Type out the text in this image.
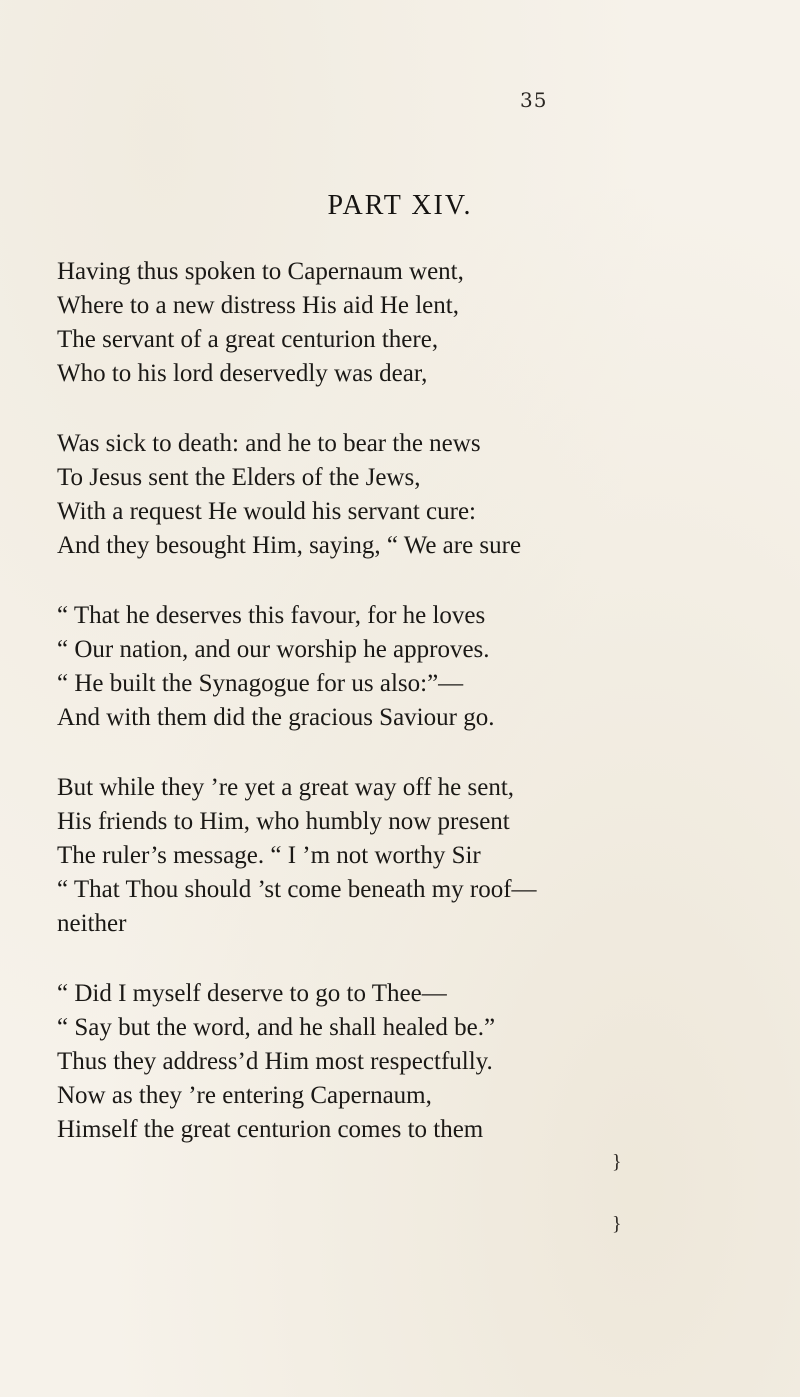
35
PART XIV.
Having thus spoken to Capernaum went,
Where to a new distress His aid He lent,
The servant of a great centurion there,
Who to his lord deservedly was dear,
Was sick to death: and he to bear the news
To Jesus sent the Elders of the Jews,
With a request He would his servant cure:
And they besought Him, saying, “ We are sure
“ That he deserves this favour, for he loves
“ Our nation, and our worship he approves.
“ He built the Synagogue for us also:”—
And with them did the gracious Saviour go.
But while they ’re yet a great way off he sent,
His friends to Him, who humbly now present
The ruler’s message. “ I ’m not worthy Sir
“ That Thou should ’st come beneath my roof—
neither
“ Did I myself deserve to go to Thee—
“ Say but the word, and he shall healed be.”
Thus they address’d Him most respectfully.
Now as they ’re entering Capernaum,
Himself the great centurion comes to them
}
}
